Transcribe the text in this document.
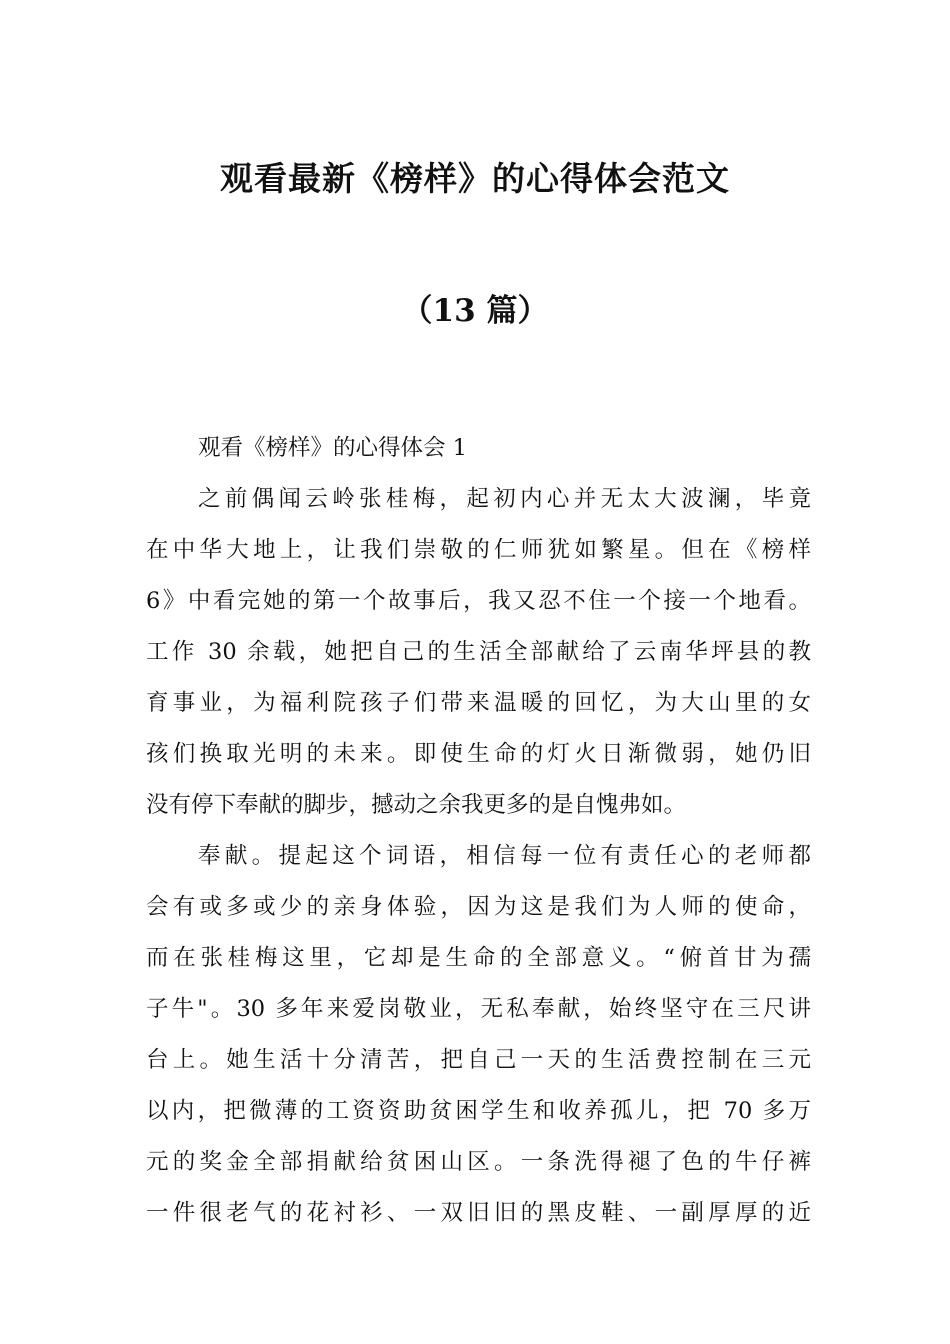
观看最新《榜样》的心得体会范文
（13 篇）
观看《榜样》的心得体会 1
之前偶闻云岭张桂梅，起初内心并无太大波澜，毕竟
在中华大地上，让我们崇敬的仁师犹如繁星。但在《榜样
6》中看完她的第一个故事后，我又忍不住一个接一个地看。
工作 30 余载，她把自己的生活全部献给了云南华坪县的教
育事业，为福利院孩子们带来温暖的回忆，为大山里的女
孩们换取光明的未来。即使生命的灯火日渐微弱，她仍旧
没有停下奉献的脚步，撼动之余我更多的是自愧弗如。
奉献。提起这个词语，相信每一位有责任心的老师都
会有或多或少的亲身体验，因为这是我们为人师的使命，
而在张桂梅这里，它却是生命的全部意义。“俯首甘为孺
子牛"。30 多年来爱岗敬业，无私奉献，始终坚守在三尺讲
台上。她生活十分清苦，把自己一天的生活费控制在三元
以内，把微薄的工资资助贫困学生和收养孤儿，把 70 多万
元的奖金全部捐献给贫困山区。一条洗得褪了色的牛仔裤
一件很老气的花衬衫、一双旧旧的黑皮鞋、一副厚厚的近
